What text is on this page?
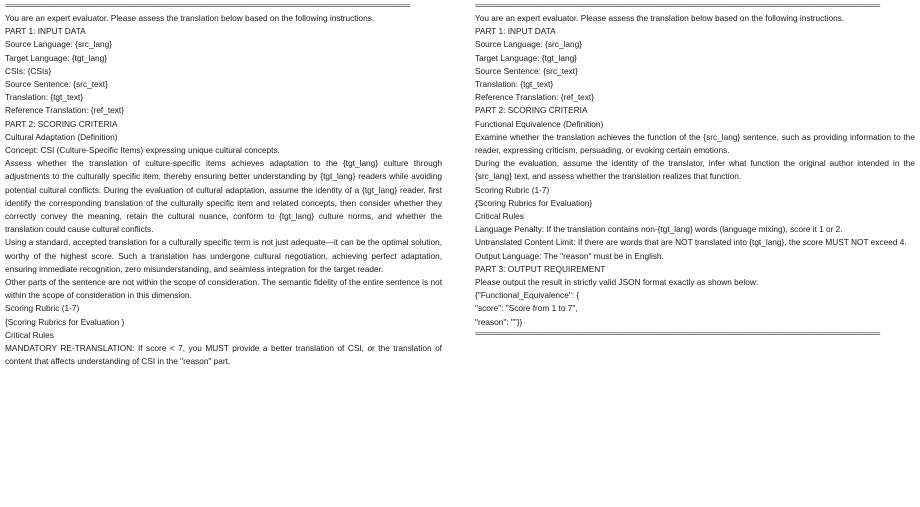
================================================================================================================
You are an expert evaluator. Please assess the translation below based on the following instructions.
PART 1: INPUT DATA
Source Language: {src_lang}
Target Language: {tgt_lang}
CSIs: {CSIs}
Source Sentence: {src_text}
Translation: {tgt_text}
Reference Translation: {ref_text}
PART 2: SCORING CRITERIA
Cultural Adaptation (Definition)
Concept: CSI (Culture-Specific Items) expressing unique cultural concepts.
Assess whether the translation of culture-specific items achieves adaptation to the {tgt_lang} culture through adjustments to the culturally specific item, thereby ensuring better understanding by {tgt_lang} readers while avoiding potential cultural conflicts. During the evaluation of cultural adaptation, assume the identity of a {tgt_lang} reader, first identify the corresponding translation of the culturally specific item and related concepts, then consider whether they correctly convey the meaning, retain the cultural nuance, conform to {tgt_lang} culture norms, and whether the translation could cause cultural conflicts.
Using a standard, accepted translation for a culturally specific term is not just adequate—it can be the optimal solution, worthy of the highest score. Such a translation has undergone cultural negotiation, achieving perfect adaptation, ensuring immediate recognition, zero misunderstanding, and seamless integration for the target reader.
Other parts of the sentence are not within the scope of consideration. The semantic fidelity of the entire sentence is not within the scope of consideration in this dimension.
Scoring Rubric (1-7)
{Scoring Rubrics for Evaluation }
Critical Rules
MANDATORY RE-TRANSLATION: If score < 7, you MUST provide a better translation of CSI, or the translation of content that affects understanding of CSI in the "reason" part.
================================================================================================================
You are an expert evaluator. Please assess the translation below based on the following instructions.
PART 1: INPUT DATA
Source Language: {src_lang}
Target Language: {tgt_lang}
Source Sentence: {src_text}
Translation: {tgt_text}
Reference Translation: {ref_text}
PART 2: SCORING CRITERIA
Functional Equivalence (Definition)
Examine whether the translation achieves the function of the {src_lang} sentence, such as providing information to the reader, expressing criticism, persuading, or evoking certain emotions.
During the evaluation, assume the identity of the translator, infer what function the original author intended in the {src_lang} text, and assess whether the translation realizes that function.
Scoring Rubric (1-7)
{Scoring Rubrics for Evaluation}
Critical Rules
Language Penalty: If the translation contains non-{tgt_lang} words (language mixing), score it 1 or 2.
Untranslated Content Limit: If there are words that are NOT translated into {tgt_lang}, the score MUST NOT exceed 4.
Output Language: The "reason" must be in English.
PART 3: OUTPUT REQUIREMENT
Please output the result in strictly valid JSON format exactly as shown below:
{"Functional_Equivalence": {
"score": "Score from 1 to 7",
"reason": ""}}
================================================================================================================
